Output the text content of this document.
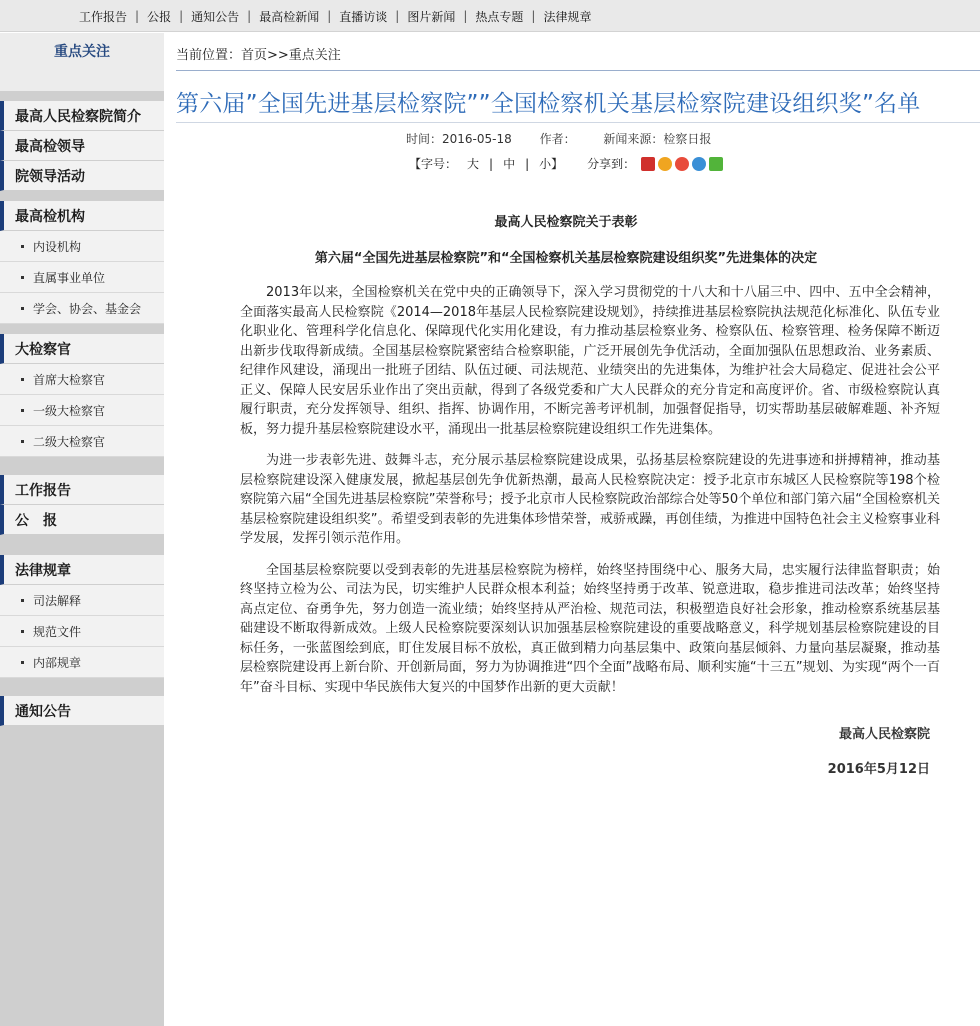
工作报告 | 公报 | 通知公告 | 最高检新闻 | 直播访谈 | 图片新闻 | 热点专题 | 法律规章
重点关注
最高人民检察院简介
最高检领导
院领导活动
最高检机构
内设机构
直属事业单位
学会、协会、基金会
大检察官
首席大检察官
一级大检察官
二级大检察官
工作报告
公　报
法律规章
司法解释
规范文件
内部规章
通知公告
当前位置：首页>>重点关注
第六届”全国先进基层检察院””全国检察机关基层检察院建设组织奖”名单
时间：2016-05-18 作者： 新闻来源：检察日报
【字号： 大 | 中 | 小】 分享到：
最高人民检察院关于表彰
第六届“全国先进基层检察院”和“全国检察机关基层检察院建设组织奖”先进集体的决定

2013年以来，全国检察机关在党中央的正确领导下，深入学习贯彻党的十八大和十八届三中、四中、五中全会精神，全面落实最高人民检察院《2014—2018年基层人民检察院建设规划》，持续推进基层检察院执法规范化标准化、队伍专业化职业化、管理科学化信息化、保障现代化实用化建设，有力推动基层检察业务、检察队伍、检察管理、检务保障不断迈出新步伐取得新成绩。全国基层检察院紧密结合检察职能，广泛开展创先争优活动，全面加强队伍思想政治、业务素质、纪律作风建设，涌现出一批班子团结、队伍过硬、司法规范、业绩突出的先进集体，为维护社会大局稳定、促进社会公平正义、保障人民安居乐业作出了突出贡献，得到了各级党委和广大人民群众的充分肯定和高度评价。省、市级检察院认真履行职责，充分发挥领导、组织、指挥、协调作用，不断完善考评机制，加强督促指导，切实帮助基层破解难题、补齐短板，努力提升基层检察院建设水平，涌现出一批基层检察院建设组织工作先进集体。

为进一步表彰先进、鼓舞斗志，充分展示基层检察院建设成果，弘扬基层检察院建设的先进事迹和拼搏精神，推动基层检察院建设深入健康发展，掀起基层创先争优新热潮，最高人民检察院决定：授予北京市东城区人民检察院等198个检察院第六届“全国先进基层检察院”荣誉称号；授予北京市人民检察院政治部综合处等50个单位和部门第六届“全国检察机关基层检察院建设组织奖”。希望受到表彰的先进集体珍惜荣誉，戒骄戒躁，再创佳绩，为推进中国特色社会主义检察事业科学发展，发挥引领示范作用。

全国基层检察院要以受到表彰的先进基层检察院为榜样，始终坚持围绕中心、服务大局，忠实履行法律监督职责；始终坚持立检为公、司法为民，切实维护人民群众根本利益；始终坚持勇于改革、锐意进取，稳步推进司法改革；始终坚持高点定位、奋勇争先，努力创造一流业绩；始终坚持从严治检、规范司法，积极塑造良好社会形象，推动检察系统基层基础建设不断取得新成效。上级人民检察院要深刻认识加强基层检察院建设的重要战略意义，科学规划基层检察院建设的目标任务，一张蓝图绘到底，盯住发展目标不放松，真正做到精力向基层集中、政策向基层倾斜、力量向基层凝聚，推动基层检察院建设再上新台阶、开创新局面，努力为协调推进“四个全面”战略布局、顺利实施“十三五”规划、为实现“两个一百年”奋斗目标、实现中华民族伟大复兴的中国梦作出新的更大贡献！

最高人民检察院
2016年5月12日
